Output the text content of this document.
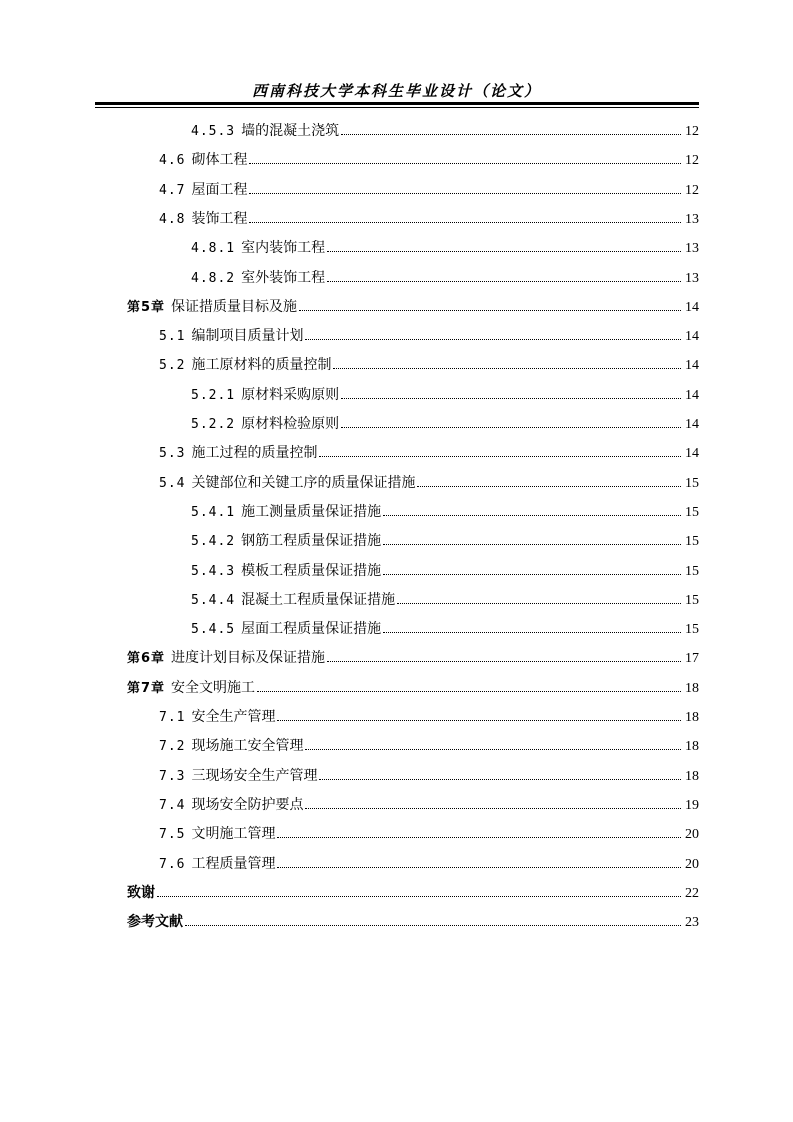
西南科技大学本科生毕业设计（论文）
4.5.3 墙的混凝土浇筑	12
4.6 砌体工程	12
4.7 屋面工程	12
4.8 装饰工程	13
4.8.1 室内装饰工程	13
4.8.2 室外装饰工程	13
第5章 保证措质量目标及施	14
5.1 编制项目质量计划	14
5.2 施工原材料的质量控制	14
5.2.1 原材料采购原则	14
5.2.2 原材料检验原则	14
5.3 施工过程的质量控制	14
5.4 关键部位和关键工序的质量保证措施	15
5.4.1 施工测量质量保证措施	15
5.4.2 钢筋工程质量保证措施	15
5.4.3 模板工程质量保证措施	15
5.4.4 混凝土工程质量保证措施	15
5.4.5 屋面工程质量保证措施	15
第6章 进度计划目标及保证措施	17
第7章 安全文明施工	18
7.1 安全生产管理	18
7.2 现场施工安全管理	18
7.3 三现场安全生产管理	18
7.4 现场安全防护要点	19
7.5 文明施工管理	20
7.6 工程质量管理	20
致谢	22
参考文献	23
